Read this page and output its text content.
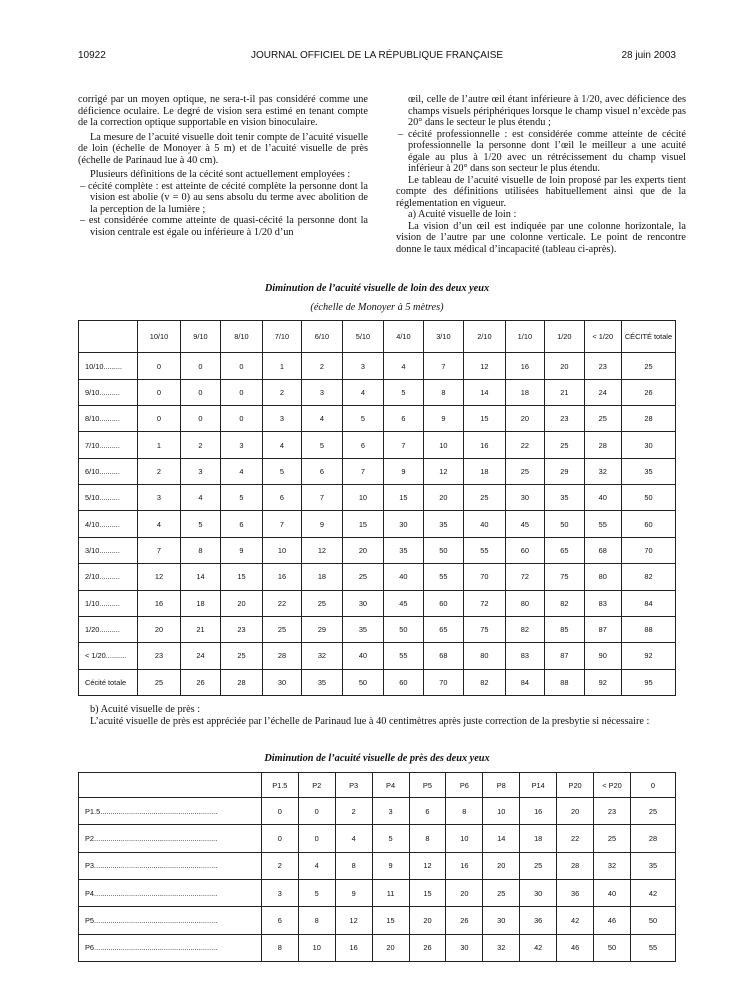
10922	JOURNAL OFFICIEL DE LA RÉPUBLIQUE FRANÇAISE	28 juin 2003

corrigé par un moyen optique, ne sera-t-il pas considéré comme une déficience oculaire. Le degré de vision sera estimé en tenant compte de la correction optique supportable en vision binoculaire.

La mesure de l’acuité visuelle doit tenir compte de l’acuité visuelle de loin (échelle de Monoyer à 5 m) et de l’acuité visuelle de près (échelle de Parinaud lue à 40 cm).

Plusieurs définitions de la cécité sont actuellement employées :

– cécité complète : est atteinte de cécité complète la personne dont la vision est abolie (v = 0) au sens absolu du terme avec abolition de la perception de la lumière ;

– est considérée comme atteinte de quasi-cécité la personne dont la vision centrale est égale ou inférieure à 1/20 d’un

œil, celle de l’autre œil étant inférieure à 1/20, avec déficience des champs visuels périphériques lorsque le champ visuel n’excède pas 20° dans le secteur le plus étendu ;

– cécité professionnelle : est considérée comme atteinte de cécité professionnelle la personne dont l’œil le meilleur a une acuité égale au plus à 1/20 avec un rétrécissement du champ visuel inférieur à 20° dans son secteur le plus étendu.

Le tableau de l’acuité visuelle de loin proposé par les experts tient compte des définitions utilisées habituellement ainsi que de la réglementation en vigueur.

a) Acuité visuelle de loin :

La vision d’un œil est indiquée par une colonne horizontale, la vision de l’autre par une colonne verticale. Le point de rencontre donne le taux médical d’incapacité (tableau ci-après).

Diminution de l’acuité visuelle de loin des deux yeux
(échelle de Monoyer à 5 mètres)
	10/10	9/10	8/10	7/10	6/10	5/10	4/10	3/10	2/10	1/10	1/20	< 1/20	CÉCITÉ totale
10/10.........	0	0	0	1	2	3	4	7	12	16	20	23	25
9/10..........	0	0	0	2	3	4	5	8	14	18	21	24	26
8/10..........	0	0	0	3	4	5	6	9	15	20	23	25	28
7/10..........	1	2	3	4	5	6	7	10	16	22	25	28	30
6/10..........	2	3	4	5	6	7	9	12	18	25	29	32	35
5/10..........	3	4	5	6	7	10	15	20	25	30	35	40	50
4/10..........	4	5	6	7	9	15	30	35	40	45	50	55	60
3/10..........	7	8	9	10	12	20	35	50	55	60	65	68	70
2/10..........	12	14	15	16	18	25	40	55	70	72	75	80	82
1/10..........	16	18	20	22	25	30	45	60	72	80	82	83	84
1/20..........	20	21	23	25	29	35	50	65	75	82	85	87	88
< 1/20..........	23	24	25	28	32	40	55	68	80	83	87	90	92
Cécité totale	25	26	28	30	35	50	60	70	82	84	88	92	95

b) Acuité visuelle de près :

L’acuité visuelle de près est appréciée par l’échelle de Parinaud lue à 40 centimètres après juste correction de la presbytie si nécessaire :

Diminution de l’acuité visuelle de près des deux yeux
	P1.5	P2	P3	P4	P5	P6	P8	P14	P20	< P20	0
P1.5.........................................................	0	0	2	3	6	8	10	16	20	23	25
P2............................................................	0	0	4	5	8	10	14	18	22	25	28
P3............................................................	2	4	8	9	12	16	20	25	28	32	35
P4............................................................	3	5	9	11	15	20	25	30	36	40	42
P5............................................................	6	8	12	15	20	26	30	36	42	46	50
P6............................................................	8	10	16	20	26	30	32	42	46	50	55
